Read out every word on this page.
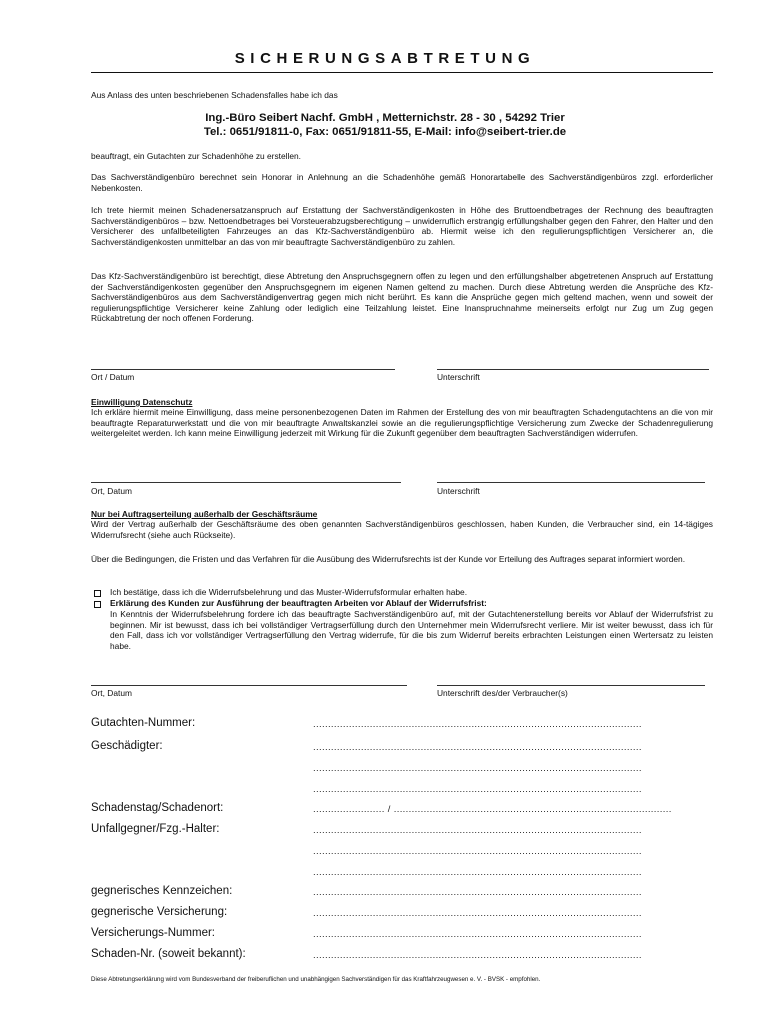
SICHERUNGSABTRETUNG
Aus Anlass des unten beschriebenen Schadensfalles habe ich das
Ing.-Büro Seibert Nachf. GmbH , Metternichstr. 28 - 30 , 54292 Trier
Tel.: 0651/91811-0, Fax: 0651/91811-55, E-Mail: info@seibert-trier.de
beauftragt, ein Gutachten zur Schadenhöhe zu erstellen.
Das Sachverständigenbüro berechnet sein Honorar in Anlehnung an die Schadenhöhe gemäß Honorartabelle des Sachverständigenbüros zzgl. erforderlicher Nebenkosten.
Ich trete hiermit meinen Schadenersatzanspruch auf Erstattung der Sachverständigenkosten in Höhe des Bruttoendbetrages der Rechnung des beauftragten Sachverständigenbüros – bzw. Nettoendbetrages bei Vorsteuerabzugsberechtigung – unwiderruflich erstrangig erfüllungshalber gegen den Fahrer, den Halter und den Versicherer des unfallbeteiligten Fahrzeuges an das Kfz-Sachverständigenbüro ab. Hiermit weise ich den regulierungspflichtigen Versicherer an, die Sachverständigenkosten unmittelbar an das von mir beauftragte Sachverständigenbüro zu zahlen.
Das Kfz-Sachverständigenbüro ist berechtigt, diese Abtretung den Anspruchsgegnern offen zu legen und den erfüllungshalber abgetretenen Anspruch auf Erstattung der Sachverständigenkosten gegenüber den Anspruchsgegnern im eigenen Namen geltend zu machen. Durch diese Abtretung werden die Ansprüche des Kfz-Sachverständigenbüros aus dem Sachverständigenvertrag gegen mich nicht berührt. Es kann die Ansprüche gegen mich geltend machen, wenn und soweit der regulierungspflichtige Versicherer keine Zahlung oder lediglich eine Teilzahlung leistet. Eine Inanspruchnahme meinerseits erfolgt nur Zug um Zug gegen Rückabtretung der noch offenen Forderung.
Ort / Datum	Unterschrift
Einwilligung Datenschutz
Ich erkläre hiermit meine Einwilligung, dass meine personenbezogenen Daten im Rahmen der Erstellung des von mir beauftragten Schadengutachtens an die von mir beauftragte Reparaturwerkstatt und die von mir beauftragte Anwaltskanzlei sowie an die regulierungspflichtige Versicherung zum Zwecke der Schadenregulierung weitergeleitet werden. Ich kann meine Einwilligung jederzeit mit Wirkung für die Zukunft gegenüber dem beauftragten Sachverständigen widerrufen.
Ort, Datum	Unterschrift
Nur bei Auftragserteilung außerhalb der Geschäftsräume
Wird der Vertrag außerhalb der Geschäftsräume des oben genannten Sachverständigenbüros geschlossen, haben Kunden, die Verbraucher sind, ein 14-tägiges Widerrufsrecht (siehe auch Rückseite).
Über die Bedingungen, die Fristen und das Verfahren für die Ausübung des Widerrufsrechts ist der Kunde vor Erteilung des Auftrages separat informiert worden.
Ich bestätige, dass ich die Widerrufsbelehrung und das Muster-Widerrufsformular erhalten habe.
Erklärung des Kunden zur Ausführung der beauftragten Arbeiten vor Ablauf der Widerrufsfrist:
In Kenntnis der Widerrufsbelehrung fordere ich das beauftragte Sachverständigenbüro auf, mit der Gutachtenerstellung bereits vor Ablauf der Widerrufsfrist zu beginnen. Mir ist bewusst, dass ich bei vollständiger Vertragserfüllung durch den Unternehmer mein Widerrufsrecht verliere. Mir ist weiter bewusst, dass ich für den Fall, dass ich vor vollständiger Vertragserfüllung den Vertrag widerrufe, für die bis zum Widerruf bereits erbrachten Leistungen einen Wertersatz zu leisten habe.
Ort, Datum	Unterschrift des/der Verbraucher(s)
Gutachten-Nummer:	..............................................................................................................
Geschädigter:	..............................................................................................................
..............................................................................................................
..............................................................................................................
Schadenstag/Schadenort:	........................ / .............................................................................................
Unfallgegner/Fzg.-Halter:	..............................................................................................................
..............................................................................................................
..............................................................................................................
gegnerisches Kennzeichen:	..............................................................................................................
gegnerische Versicherung:	..............................................................................................................
Versicherungs-Nummer:	..............................................................................................................
Schaden-Nr. (soweit bekannt):	..............................................................................................................
Diese Abtretungserklärung wird vom Bundesverband der freiberuflichen und unabhängigen Sachverständigen für das Kraftfahrzeugwesen e. V. - BVSK - empfohlen.
